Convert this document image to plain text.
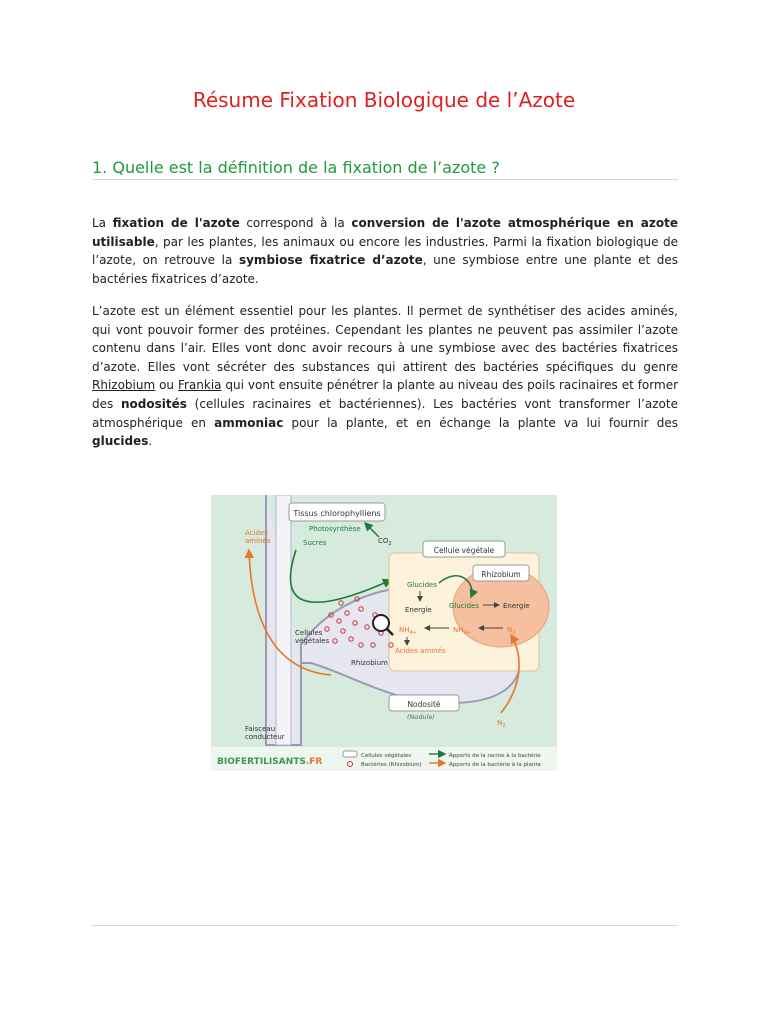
Résume Fixation Biologique de l’Azote
1. Quelle est la définition de la fixation de l’azote ?
La fixation de l'azote correspond à la conversion de l'azote atmosphérique en azote utilisable, par les plantes, les animaux ou encore les industries. Parmi la fixation biologique de l’azote, on retrouve la symbiose fixatrice d’azote, une symbiose entre une plante et des bactéries fixatrices d’azote.
L’azote est un élément essentiel pour les plantes. Il permet de synthétiser des acides aminés, qui vont pouvoir former des protéines. Cependant les plantes ne peuvent pas assimiler l’azote contenu dans l’air. Elles vont donc avoir recours à une symbiose avec des bactéries fixatrices d’azote. Elles vont sécréter des substances qui attirent des bactéries spécifiques du genre Rhizobium ou Frankia qui vont ensuite pénétrer la plante au niveau des poils racinaires et former des nodosités (cellules racinaires et bactériennes). Les bactéries vont transformer l’azote atmosphérique en ammoniac pour la plante, et en échange la plante va lui fournir des glucides.
Tissus chlorophylliens
Photosynthèse
$CO_2$
Acides
aminés	Sucres
Cellule végétale
Rhizobium
Glucides
Energie Glucides	Energie
$NH_{4+}$	$NH_{4+}$	$N_2$
Acides aminés
Cellules
végétales
Rhizobium
Nodosité
(Nodule)
$N_2$
Faisceau
conducteur
BIOFERTILISANTS.FR
Cellules végétales
Bactéries (Rhizobium)
Apports de la racine à la bactérie
Apports de la bactérie à la plante
